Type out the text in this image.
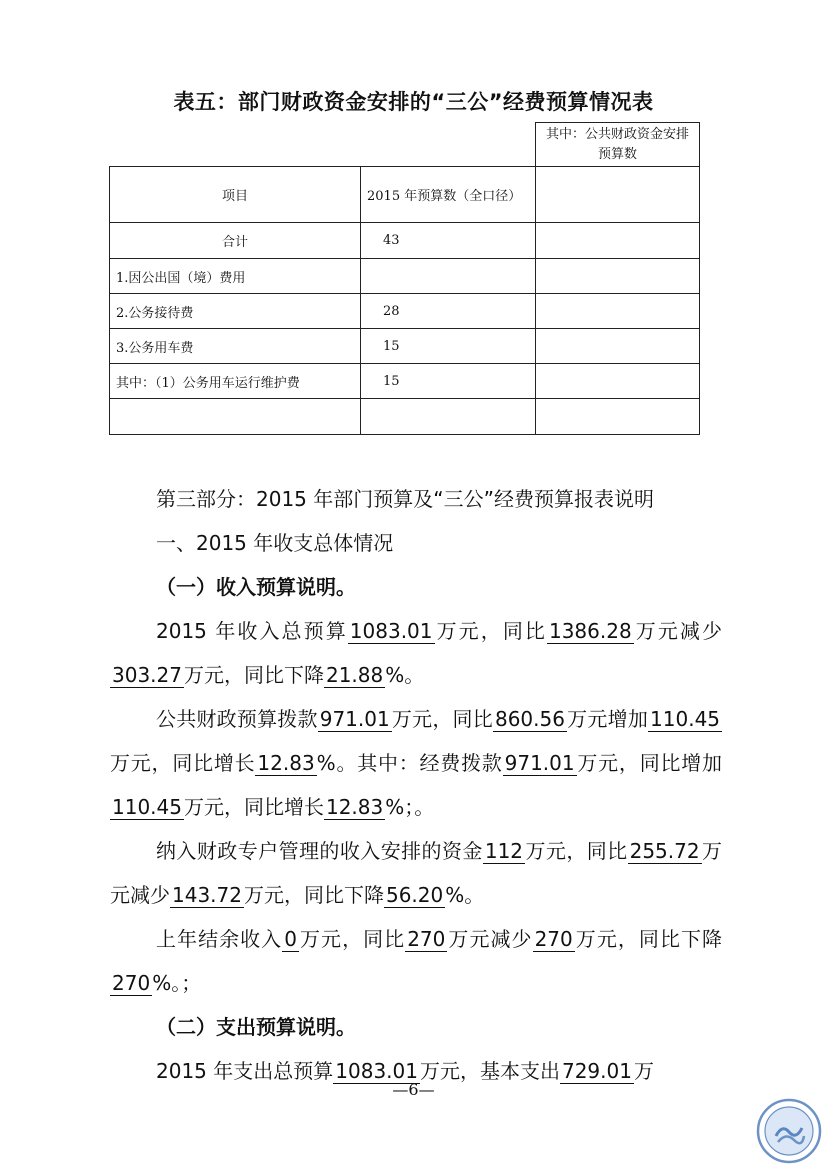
表五：部门财政资金安排的“三公”经费预算情况表
		其中：公共财政资金安排预算数
项目	2015 年预算数（全口径）	
合计	43	
1.因公出国（境）费用		
2.公务接待费	28	
3.公务用车费	15	
其中：（1）公务用车运行维护费	15	

第三部分：2015 年部门预算及“三公”经费预算报表说明

一、2015 年收支总体情况

（一）收入预算说明。

2015 年收入总预算 1083.01 万元，同比 1386.28 万元减少303.27 万元，同比下降 21.88 %。

公共财政预算拨款 971.01 万元，同比 860.56 万元增加 110.45万元，同比增长 12.83 %。其中：经费拨款 971.01 万元，同比增加110.45 万元，同比增长 12.83 %；。

纳入财政专户管理的收入安排的资金 112 万元，同比 255.72 万元减少 143.72 万元，同比下降 56.20 %。

上年结余收入 0 万元，同比 270 万元减少 270 万元，同比下降270 %。；

（二）支出预算说明。

2015 年支出总预算 1083.01 万元，基本支出 729.01 万

—6—
